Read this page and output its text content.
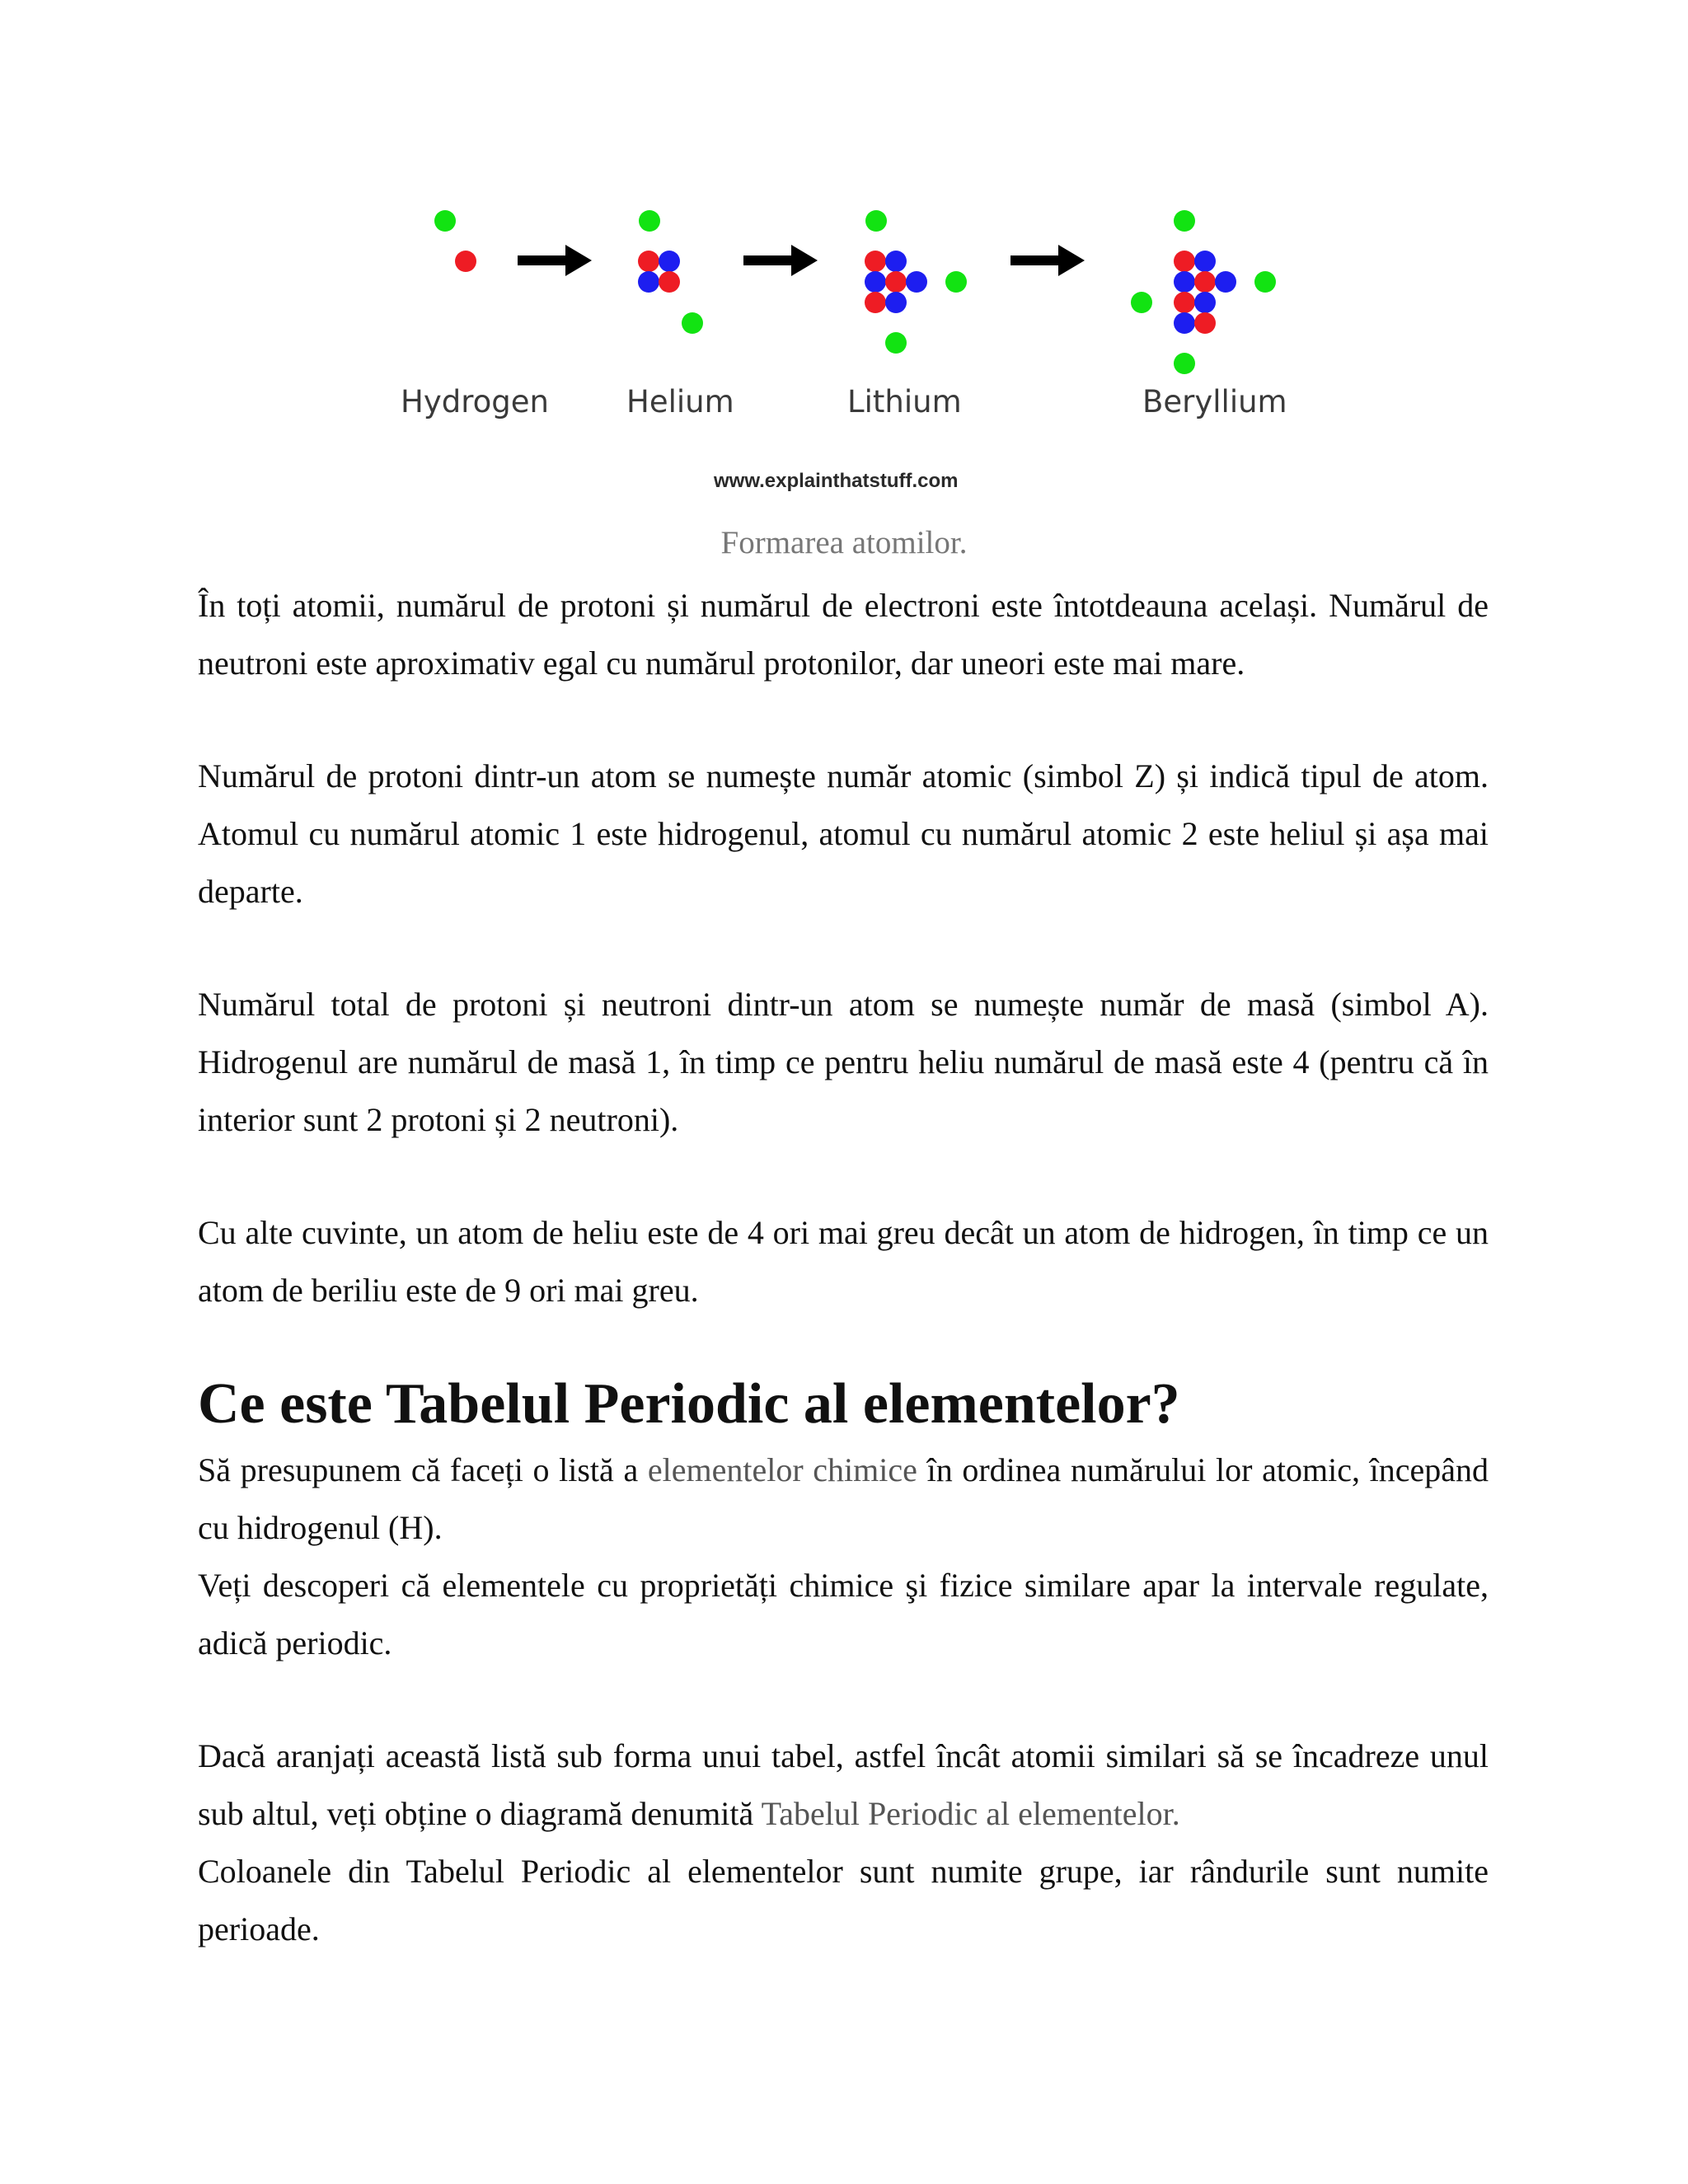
Hydrogen	Helium	Lithium	Beryllium
www.explainthatstuff.com
Formarea atomilor.

În toți atomii, numărul de protoni și numărul de electroni este întotdeauna același. Numărul de neutroni este aproximativ egal cu numărul protonilor, dar uneori este mai mare.

Numărul de protoni dintr-un atom se numește număr atomic (simbol Z) și indică tipul de atom. Atomul cu numărul atomic 1 este hidrogenul, atomul cu numărul atomic 2 este heliul și așa mai departe.

Numărul total de protoni și neutroni dintr-un atom se numește număr de masă (simbol A). Hidrogenul are numărul de masă 1, în timp ce pentru heliu numărul de masă este 4 (pentru că în interior sunt 2 protoni și 2 neutroni).

Cu alte cuvinte, un atom de heliu este de 4 ori mai greu decât un atom de hidrogen, în timp ce un atom de beriliu este de 9 ori mai greu.

Ce este Tabelul Periodic al elementelor?

Să presupunem că faceți o listă a elementelor chimice în ordinea numărului lor atomic, începând cu hidrogenul (H).

Veți descoperi că elementele cu proprietăți chimice şi fizice similare apar la intervale regulate, adică periodic.

Dacă aranjați această listă sub forma unui tabel, astfel încât atomii similari să se încadreze unul sub altul, veți obține o diagramă denumită Tabelul Periodic al elementelor.

Coloanele din Tabelul Periodic al elementelor sunt numite grupe, iar rândurile sunt numite perioade.
